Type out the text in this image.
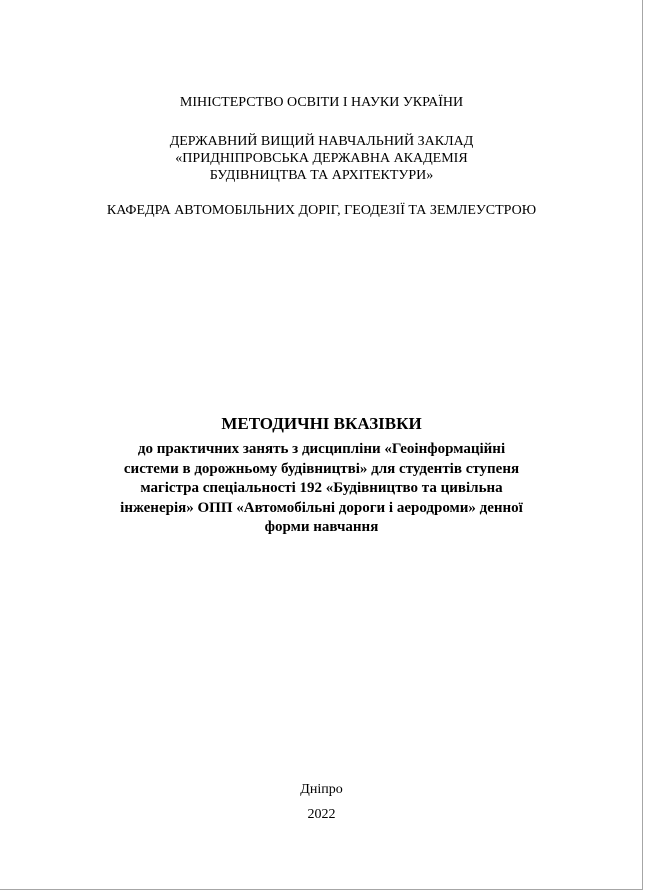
МІНІСТЕРСТВО ОСВІТИ І НАУКИ УКРАЇНИ
ДЕРЖАВНИЙ ВИЩИЙ НАВЧАЛЬНИЙ ЗАКЛАД
«ПРИДНІПРОВСЬКА ДЕРЖАВНА АКАДЕМІЯ
БУДІВНИЦТВА ТА АРХІТЕКТУРИ»
КАФЕДРА АВТОМОБІЛЬНИХ ДОРІГ, ГЕОДЕЗІЇ ТА ЗЕМЛЕУСТРОЮ
МЕТОДИЧНІ ВКАЗІВКИ
до практичних занять з дисципліни «Геоінформаційні
системи в дорожньому будівництві» для студентів ступеня
магістра спеціальності 192 «Будівництво та цивільна
інженерія» ОПП «Автомобільні дороги і аеродроми» денної
форми навчання
Дніпро
2022
